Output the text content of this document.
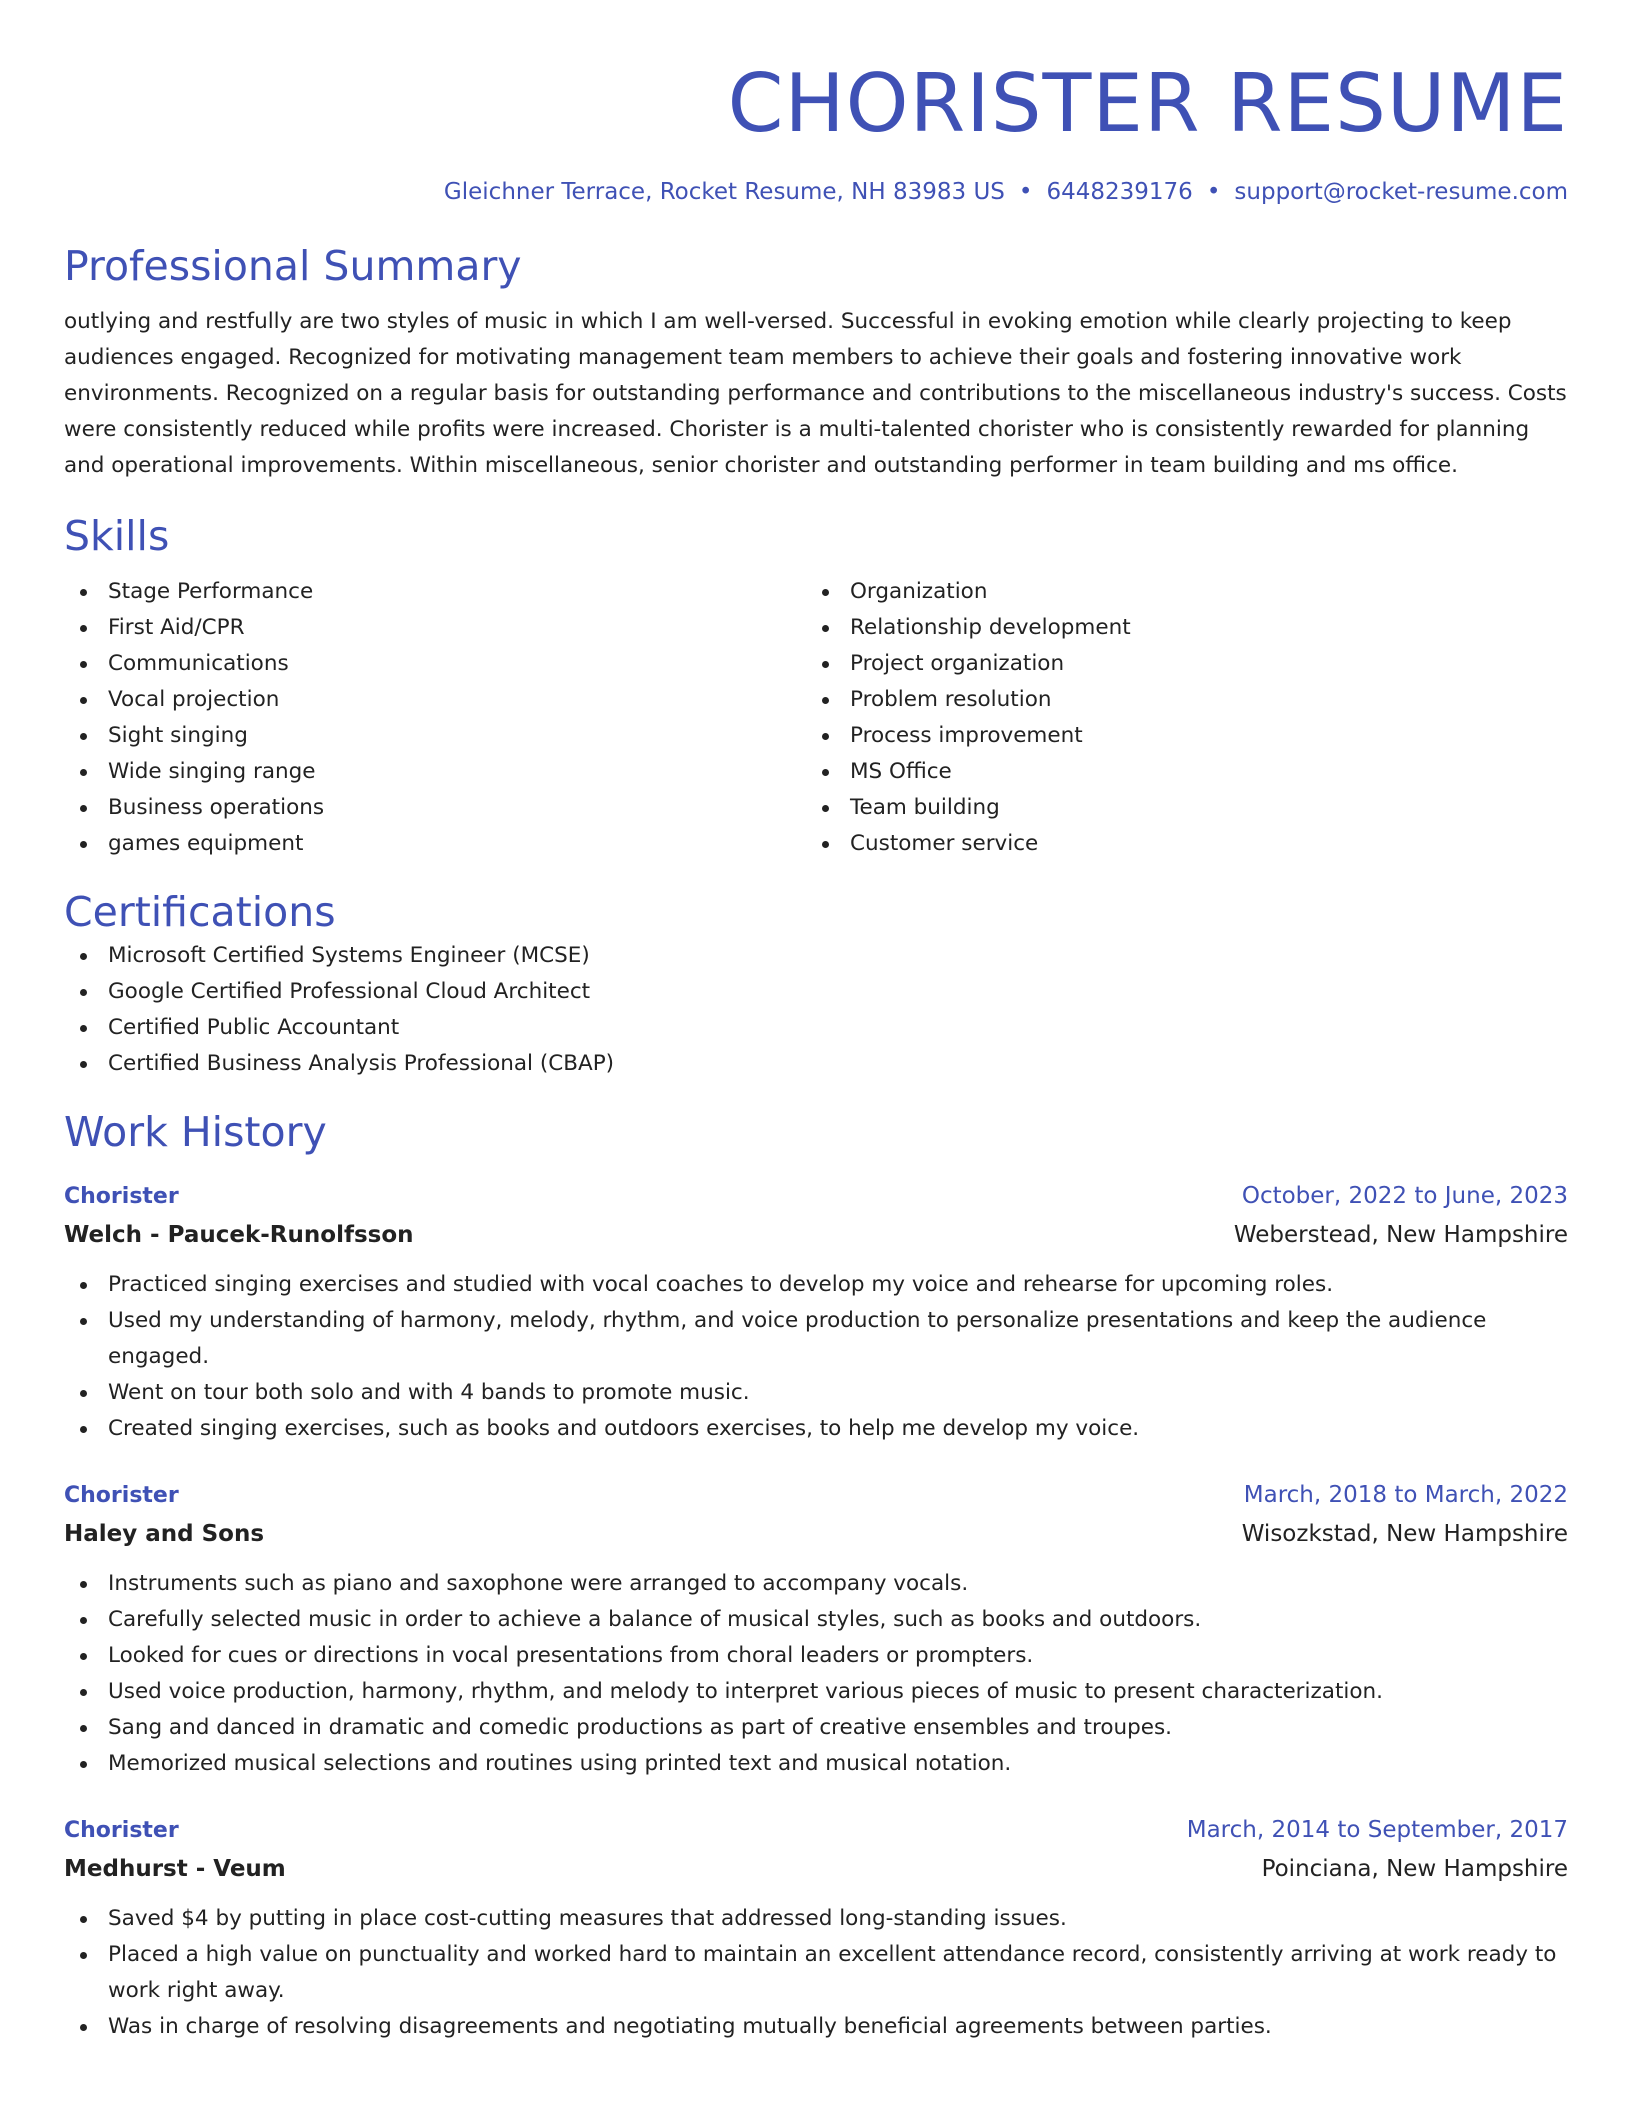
CHORISTER RESUME
Gleichner Terrace, Rocket Resume, NH 83983 US • 6448239176 • support@rocket-resume.com
Professional Summary
outlying and restfully are two styles of music in which I am well-versed. Successful in evoking emotion while clearly projecting to keep audiences engaged. Recognized for motivating management team members to achieve their goals and fostering innovative work environments. Recognized on a regular basis for outstanding performance and contributions to the miscellaneous industry's success. Costs were consistently reduced while profits were increased. Chorister is a multi-talented chorister who is consistently rewarded for planning and operational improvements. Within miscellaneous, senior chorister and outstanding performer in team building and ms office.
Skills
Stage Performance
First Aid/CPR
Communications
Vocal projection
Sight singing
Wide singing range
Business operations
games equipment
Organization
Relationship development
Project organization
Problem resolution
Process improvement
MS Office
Team building
Customer service
Certifications
Microsoft Certified Systems Engineer (MCSE)
Google Certified Professional Cloud Architect
Certified Public Accountant
Certified Business Analysis Professional (CBAP)
Work History
Chorister	October, 2022 to June, 2023
Welch - Paucek-Runolfsson	Weberstead, New Hampshire
Practiced singing exercises and studied with vocal coaches to develop my voice and rehearse for upcoming roles.
Used my understanding of harmony, melody, rhythm, and voice production to personalize presentations and keep the audience engaged.
Went on tour both solo and with 4 bands to promote music.
Created singing exercises, such as books and outdoors exercises, to help me develop my voice.
Chorister	March, 2018 to March, 2022
Haley and Sons	Wisozkstad, New Hampshire
Instruments such as piano and saxophone were arranged to accompany vocals.
Carefully selected music in order to achieve a balance of musical styles, such as books and outdoors.
Looked for cues or directions in vocal presentations from choral leaders or prompters.
Used voice production, harmony, rhythm, and melody to interpret various pieces of music to present characterization.
Sang and danced in dramatic and comedic productions as part of creative ensembles and troupes.
Memorized musical selections and routines using printed text and musical notation.
Chorister	March, 2014 to September, 2017
Medhurst - Veum	Poinciana, New Hampshire
Saved $4 by putting in place cost-cutting measures that addressed long-standing issues.
Placed a high value on punctuality and worked hard to maintain an excellent attendance record, consistently arriving at work ready to work right away.
Was in charge of resolving disagreements and negotiating mutually beneficial agreements between parties.
